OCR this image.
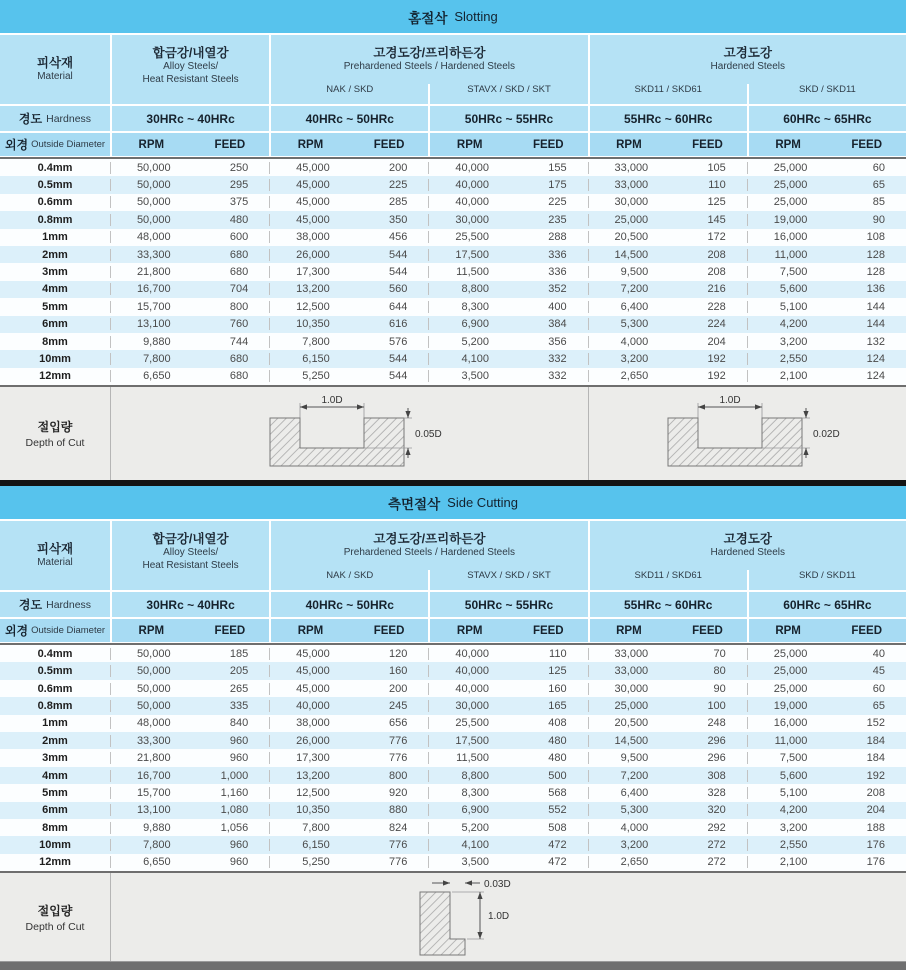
홈절삭 Slotting
피삭재
Material
합금강/내열강
Alloy Steels/
Heat Resistant Steels
고경도강/프리하든강
Prehardened Steels / Hardened Steels
고경도강
Hardened Steels
NAK / SKD	STAVX / SKD / SKT	SKD11 / SKD61	SKD / SKD11
경도 Hardness	30HRc ~ 40HRc	40HRc ~ 50HRc	50HRc ~ 55HRc	55HRc ~ 60HRc	60HRc ~ 65HRc
외경 Outside Diameter	RPM	FEED	RPM	FEED	RPM	FEED	RPM	FEED	RPM	FEED
0.4mm	50,000	250	45,000	200	40,000	155	33,000	105	25,000	60
0.5mm	50,000	295	45,000	225	40,000	175	33,000	110	25,000	65
0.6mm	50,000	375	45,000	285	40,000	225	30,000	125	25,000	85
0.8mm	50,000	480	45,000	350	30,000	235	25,000	145	19,000	90
1mm	48,000	600	38,000	456	25,500	288	20,500	172	16,000	108
2mm	33,300	680	26,000	544	17,500	336	14,500	208	11,000	128
3mm	21,800	680	17,300	544	11,500	336	9,500	208	7,500	128
4mm	16,700	704	13,200	560	8,800	352	7,200	216	5,600	136
5mm	15,700	800	12,500	644	8,300	400	6,400	228	5,100	144
6mm	13,100	760	10,350	616	6,900	384	5,300	224	4,200	144
8mm	9,880	744	7,800	576	5,200	356	4,000	204	3,200	132
10mm	7,800	680	6,150	544	4,100	332	3,200	192	2,550	124
12mm	6,650	680	5,250	544	3,500	332	2,650	192	2,100	124
절입량
Depth of Cut
1.0D
0.05D
1.0D
0.02D
측면절삭 Side Cutting
피삭재
Material
합금강/내열강
Alloy Steels/
Heat Resistant Steels
고경도강/프리하든강
Prehardened Steels / Hardened Steels
고경도강
Hardened Steels
NAK / SKD	STAVX / SKD / SKT	SKD11 / SKD61	SKD / SKD11
경도 Hardness	30HRc ~ 40HRc	40HRc ~ 50HRc	50HRc ~ 55HRc	55HRc ~ 60HRc	60HRc ~ 65HRc
외경 Outside Diameter	RPM	FEED	RPM	FEED	RPM	FEED	RPM	FEED	RPM	FEED
0.4mm	50,000	185	45,000	120	40,000	110	33,000	70	25,000	40
0.5mm	50,000	205	45,000	160	40,000	125	33,000	80	25,000	45
0.6mm	50,000	265	45,000	200	40,000	160	30,000	90	25,000	60
0.8mm	50,000	335	40,000	245	30,000	165	25,000	100	19,000	65
1mm	48,000	840	38,000	656	25,500	408	20,500	248	16,000	152
2mm	33,300	960	26,000	776	17,500	480	14,500	296	11,000	184
3mm	21,800	960	17,300	776	11,500	480	9,500	296	7,500	184
4mm	16,700	1,000	13,200	800	8,800	500	7,200	308	5,600	192
5mm	15,700	1,160	12,500	920	8,300	568	6,400	328	5,100	208
6mm	13,100	1,080	10,350	880	6,900	552	5,300	320	4,200	204
8mm	9,880	1,056	7,800	824	5,200	508	4,000	292	3,200	188
10mm	7,800	960	6,150	776	4,100	472	3,200	272	2,550	176
12mm	6,650	960	5,250	776	3,500	472	2,650	272	2,100	176
절입량
Depth of Cut
0.03D
1.0D
